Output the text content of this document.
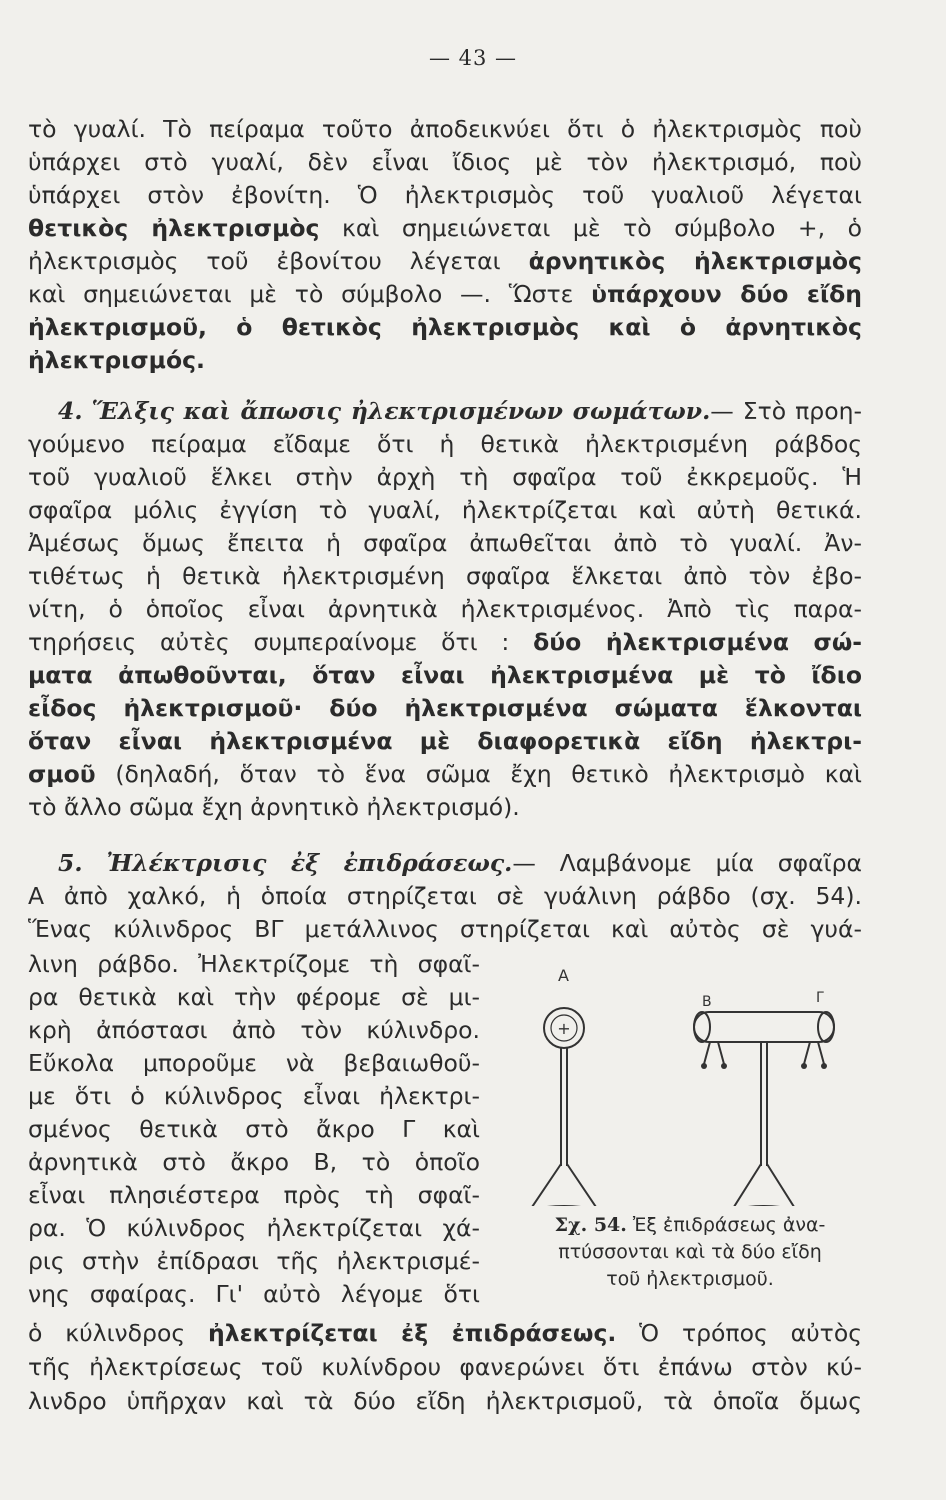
— 43 —
τὸ γυαλί. Τὸ πείραμα τοῦτο ἀποδεικνύει ὅτι ὁ ἠλεκτρισμὸς ποὺ
ὑπάρχει στὸ γυαλί, δὲν εἶναι ἴδιος μὲ τὸν ἠλεκτρισμό, ποὺ
ὑπάρχει στὸν ἐβονίτη. Ὁ ἠλεκτρισμὸς τοῦ γυαλιοῦ λέγεται
θετικὸς ἠλεκτρισμὸς καὶ σημειώνεται μὲ τὸ σύμβολο +, ὁ
ἠλεκτρισμὸς τοῦ ἐβονίτου λέγεται ἀρνητικὸς ἠλεκτρισμὸς
καὶ σημειώνεται μὲ τὸ σύμβολο —. Ὥστε ὑπάρχουν δύο εἴδη
ἠλεκτρισμοῦ, ὁ θετικὸς ἠλεκτρισμὸς καὶ ὁ ἀρνητικὸς
ἠλεκτρισμός.
4. Ἕλξις καὶ ἄπωσις ἠλεκτρισμένων σωμάτων.— Στὸ προη-
γούμενο πείραμα εἴδαμε ὅτι ἡ θετικὰ ἠλεκτρισμένη ράβδος
τοῦ γυαλιοῦ ἕλκει στὴν ἀρχὴ τὴ σφαῖρα τοῦ ἐκκρεμοῦς. Ἡ
σφαῖρα μόλις ἐγγίση τὸ γυαλί, ἠλεκτρίζεται καὶ αὐτὴ θετικά.
Ἀμέσως ὅμως ἔπειτα ἡ σφαῖρα ἀπωθεῖται ἀπὸ τὸ γυαλί. Ἀν-
τιθέτως ἡ θετικὰ ἠλεκτρισμένη σφαῖρα ἕλκεται ἀπὸ τὸν ἐβο-
νίτη, ὁ ὁποῖος εἶναι ἀρνητικὰ ἠλεκτρισμένος. Ἀπὸ τὶς παρα-
τηρήσεις αὐτὲς συμπεραίνομε ὅτι : δύο ἠλεκτρισμένα σώ-
ματα ἀπωθοῦνται, ὅταν εἶναι ἠλεκτρισμένα μὲ τὸ ἴδιο
εἶδος ἠλεκτρισμοῦ· δύο ἠλεκτρισμένα σώματα ἕλκονται
ὅταν εἶναι ἠλεκτρισμένα μὲ διαφορετικὰ εἴδη ἠλεκτρι-
σμοῦ (δηλαδή, ὅταν τὸ ἕνα σῶμα ἔχη θετικὸ ἠλεκτρισμὸ καὶ
τὸ ἄλλο σῶμα ἔχη ἀρνητικὸ ἠλεκτρισμό).
5. Ἠλέκτρισις ἐξ ἐπιδράσεως.— Λαμβάνομε μία σφαῖρα
Α ἀπὸ χαλκό, ἡ ὁποία στηρίζεται σὲ γυάλινη ράβδο (σχ. 54).
Ἕνας κύλινδρος ΒΓ μετάλλινος στηρίζεται καὶ αὐτὸς σὲ γυά-
λινη ράβδο. Ἠλεκτρίζομε τὴ σφαῖ-
ρα θετικὰ καὶ τὴν φέρομε σὲ μι-
κρὴ ἀπόστασι ἀπὸ τὸν κύλινδρο.
Εὔκολα μποροῦμε νὰ βεβαιωθοῦ-
με ὅτι ὁ κύλινδρος εἶναι ἠλεκτρι-
σμένος θετικὰ στὸ ἄκρο Γ καὶ
ἀρνητικὰ στὸ ἄκρο Β, τὸ ὁποῖο
εἶναι πλησιέστερα πρὸς τὴ σφαῖ-
ρα. Ὁ κύλινδρος ἠλεκτρίζεται χά-
ρις στὴν ἐπίδρασι τῆς ἠλεκτρισμέ-
νης σφαίρας. Γι' αὐτὸ λέγομε ὅτι
ὁ κύλινδρος ἠλεκτρίζεται ἐξ ἐπιδράσεως. Ὁ τρόπος αὐτὸς
τῆς ἠλεκτρίσεως τοῦ κυλίνδρου φανερώνει ὅτι ἐπάνω στὸν κύ-
λινδρο ὑπῆρχαν καὶ τὰ δύο εἴδη ἠλεκτρισμοῦ, τὰ ὁποῖα ὅμως
+
Α
Β	Γ
Σχ. 54. Ἐξ ἐπιδράσεως ἀνα-
πτύσσονται καὶ τὰ δύο εἴδη
τοῦ ἠλεκτρισμοῦ.
